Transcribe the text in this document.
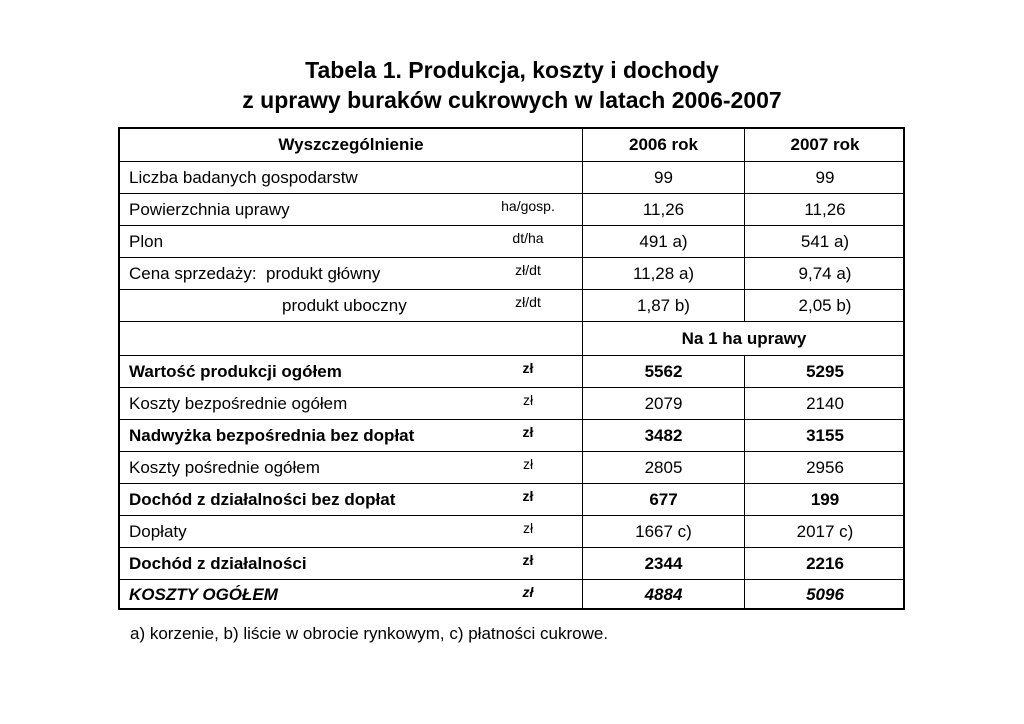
Tabela 1. Produkcja, koszty i dochody
z uprawy buraków cukrowych w latach 2006-2007
Wyszczególnienie	2006 rok	2007 rok
Liczba badanych gospodarstw	99	99
Powierzchnia uprawy	ha/gosp.	11,26	11,26
Plon	dt/ha	491 a)	541 a)
Cena sprzedaży:  produkt główny	zł/dt	11,28 a)	9,74 a)
produkt uboczny	zł/dt	1,87 b)	2,05 b)
Na 1 ha uprawy
Wartość produkcji ogółem	zł	5562	5295
Koszty bezpośrednie ogółem	zł	2079	2140
Nadwyżka bezpośrednia bez dopłat	zł	3482	3155
Koszty pośrednie ogółem	zł	2805	2956
Dochód z działalności bez dopłat	zł	677	199
Dopłaty	zł	1667 c)	2017 c)
Dochód z działalności	zł	2344	2216
KOSZTY OGÓŁEM	zł	4884	5096
a) korzenie, b) liście w obrocie rynkowym, c) płatności cukrowe.
